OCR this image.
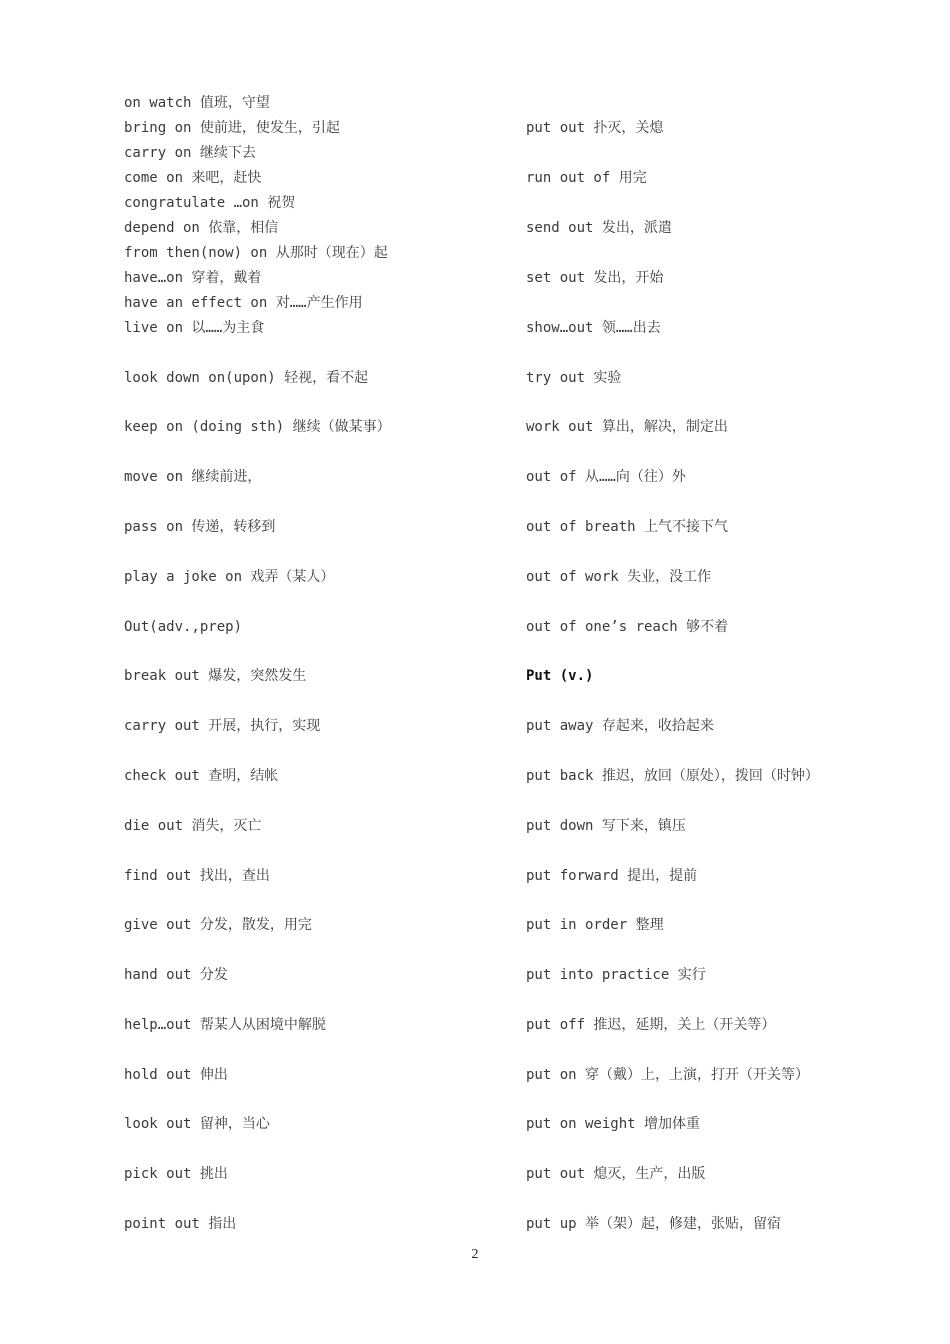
on watch 值班，守望
bring on 使前进，使发生，引起
carry on 继续下去
come on 来吧，赶快
congratulate …on 祝贺
depend on 依靠，相信
from then(now) on 从那时（现在）起
have…on 穿着，戴着
have an effect on 对……产生作用
live on 以……为主食
look down on(upon) 轻视，看不起
keep on (doing sth) 继续（做某事）
move on 继续前进，
pass on 传递，转移到
play a joke on 戏弄（某人）
Out(adv.,prep)
break out 爆发，突然发生
carry out 开展，执行，实现
check out 查明，结帐
die out 消失，灭亡
find out 找出，查出
give out 分发，散发，用完
hand out 分发
help…out 帮某人从困境中解脱
hold out 伸出
look out 留神，当心
pick out 挑出
point out 指出
put out 扑灭，关熄
run out of 用完
send out 发出，派遣
set out 发出，开始
show…out 领……出去
try out 实验
work out 算出，解决，制定出
out of 从……向（往）外
out of breath 上气不接下气
out of work 失业，没工作
out of one’s reach 够不着
Put (v.)
put away 存起来，收拾起来
put back 推迟，放回（原处），拨回（时钟）
put down 写下来，镇压
put forward 提出，提前
put in order 整理
put into practice 实行
put off 推迟，延期，关上（开关等）
put on 穿（戴）上，上演，打开（开关等）
put on weight 增加体重
put out 熄灭，生产，出版
put up 举（架）起，修建，张贴，留宿
2
